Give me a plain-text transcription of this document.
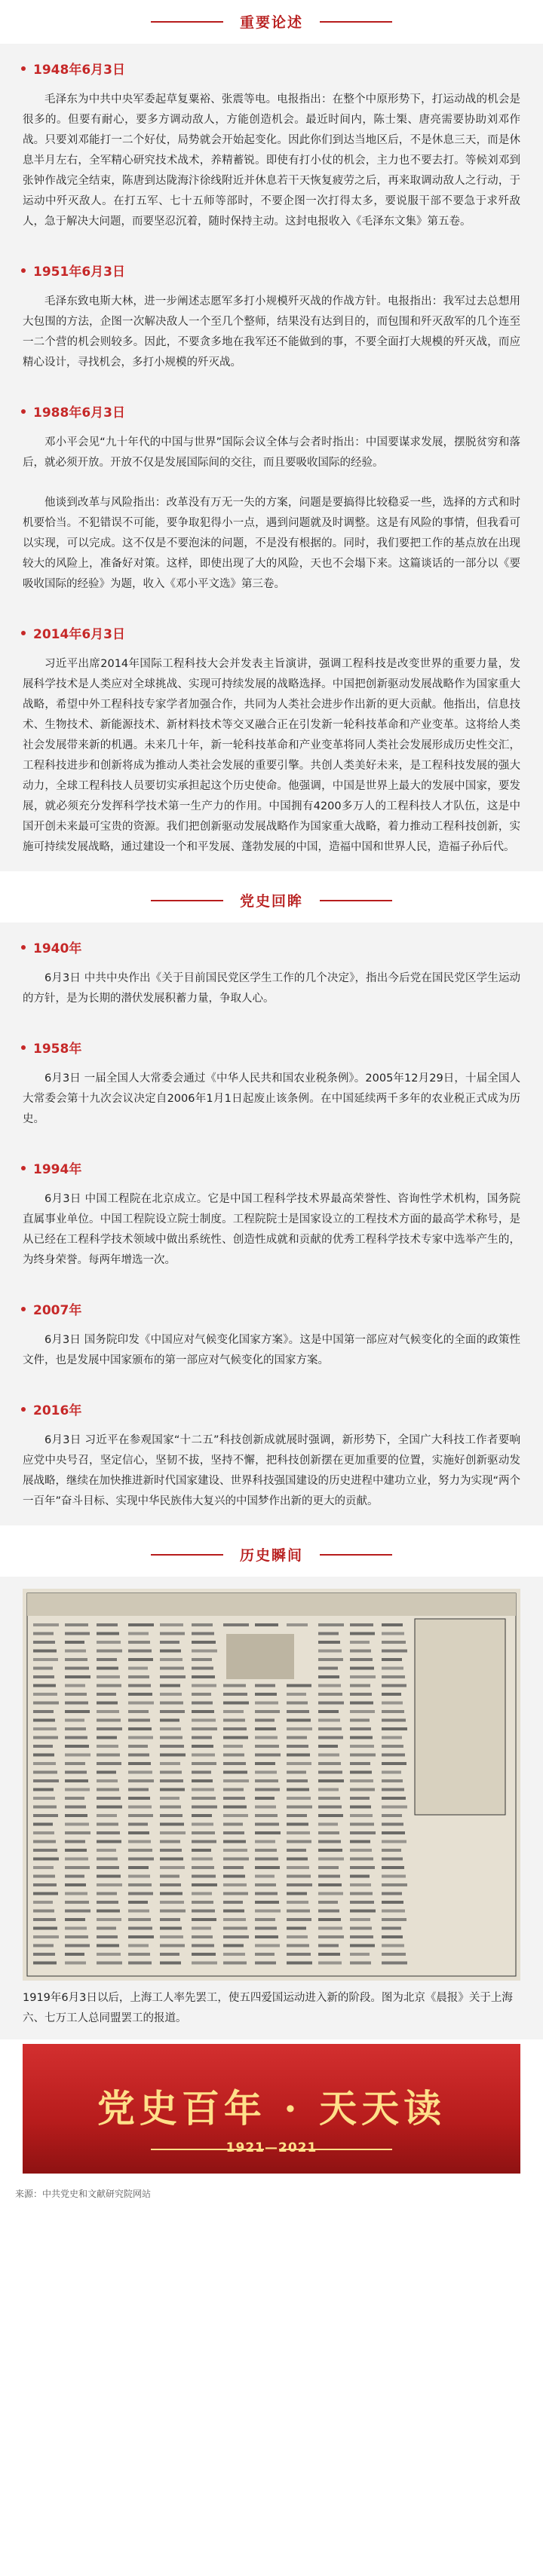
重要论述
1948年6月3日
毛泽东为中共中央军委起草复粟裕、张震等电。电报指出：在整个中原形势下，打运动战的机会是很多的。但要有耐心，要多方调动敌人，方能创造机会。最近时间内，陈士榘、唐亮需要协助刘邓作战。只要刘邓能打一二个好仗，局势就会开始起变化。因此你们到达当地区后，不是休息三天，而是休息半月左右，全军精心研究技术战术，养精蓄锐。即使有打小仗的机会，主力也不要去打。等候刘邓到张钟作战完全结束，陈唐到达陇海汴徐线附近并休息若干天恢复疲劳之后，再来取调动敌人之行动，于运动中歼灭敌人。在打五军、七十五师等部时，不要企图一次打得太多，要说服干部不要急于求歼敌人，急于解决大问题，而要坚忍沉着，随时保持主动。这封电报收入《毛泽东文集》第五卷。
1951年6月3日
毛泽东致电斯大林，进一步阐述志愿军多打小规模歼灭战的作战方针。电报指出：我军过去总想用大包围的方法，企图一次解决敌人一个至几个整师，结果没有达到目的，而包围和歼灭敌军的几个连至一二个营的机会则较多。因此，不要贪多地在我军还不能做到的事，不要全面打大规模的歼灭战，而应精心设计，寻找机会，多打小规模的歼灭战。
1988年6月3日
邓小平会见“九十年代的中国与世界”国际会议全体与会者时指出：中国要谋求发展，摆脱贫穷和落后，就必须开放。开放不仅是发展国际间的交往，而且要吸收国际的经验。
他谈到改革与风险指出：改革没有万无一失的方案，问题是要搞得比较稳妥一些，选择的方式和时机要恰当。不犯错误不可能，要争取犯得小一点，遇到问题就及时调整。这是有风险的事情，但我看可以实现，可以完成。这不仅是不要泡沫的问题，不是没有根据的。同时，我们要把工作的基点放在出现较大的风险上，准备好对策。这样，即使出现了大的风险，天也不会塌下来。这篇谈话的一部分以《要吸收国际的经验》为题，收入《邓小平文选》第三卷。
2014年6月3日
习近平出席2014年国际工程科技大会并发表主旨演讲，强调工程科技是改变世界的重要力量，发展科学技术是人类应对全球挑战、实现可持续发展的战略选择。中国把创新驱动发展战略作为国家重大战略，希望中外工程科技专家学者加强合作，共同为人类社会进步作出新的更大贡献。他指出，信息技术、生物技术、新能源技术、新材料技术等交叉融合正在引发新一轮科技革命和产业变革。这将给人类社会发展带来新的机遇。未来几十年，新一轮科技革命和产业变革将同人类社会发展形成历史性交汇，工程科技进步和创新将成为推动人类社会发展的重要引擎。共创人类美好未来，是工程科技发展的强大动力，全球工程科技人员要切实承担起这个历史使命。他强调，中国是世界上最大的发展中国家，要发展，就必须充分发挥科学技术第一生产力的作用。中国拥有4200多万人的工程科技人才队伍，这是中国开创未来最可宝贵的资源。我们把创新驱动发展战略作为国家重大战略，着力推动工程科技创新，实施可持续发展战略，通过建设一个和平发展、蓬勃发展的中国，造福中国和世界人民，造福子孙后代。
党史回眸
1940年
6月3日 中共中央作出《关于目前国民党区学生工作的几个决定》，指出今后党在国民党区学生运动的方针，是为长期的潜伏发展积蓄力量，争取人心。
1958年
6月3日 一届全国人大常委会通过《中华人民共和国农业税条例》。2005年12月29日，十届全国人大常委会第十九次会议决定自2006年1月1日起废止该条例。在中国延续两千多年的农业税正式成为历史。
1994年
6月3日 中国工程院在北京成立。它是中国工程科学技术界最高荣誉性、咨询性学术机构，国务院直属事业单位。中国工程院设立院士制度。工程院院士是国家设立的工程技术方面的最高学术称号，是从已经在工程科学技术领域中做出系统性、创造性成就和贡献的优秀工程科学技术专家中选举产生的，为终身荣誉。每两年增选一次。
2007年
6月3日 国务院印发《中国应对气候变化国家方案》。这是中国第一部应对气候变化的全面的政策性文件，也是发展中国家颁布的第一部应对气候变化的国家方案。
2016年
6月3日 习近平在参观国家“十二五”科技创新成就展时强调，新形势下，全国广大科技工作者要响应党中央号召，坚定信心，坚韧不拔，坚持不懈，把科技创新摆在更加重要的位置，实施好创新驱动发展战略，继续在加快推进新时代国家建设、世界科技强国建设的历史进程中建功立业，努力为实现“两个一百年”奋斗目标、实现中华民族伟大复兴的中国梦作出新的更大的贡献。
历史瞬间
1919年6月3日以后，上海工人率先罢工，使五四爱国运动进入新的阶段。图为北京《晨报》关于上海六、七万工人总同盟罢工的报道。
党史百年 · 天天读
1921—2021
来源：中共党史和文献研究院网站
